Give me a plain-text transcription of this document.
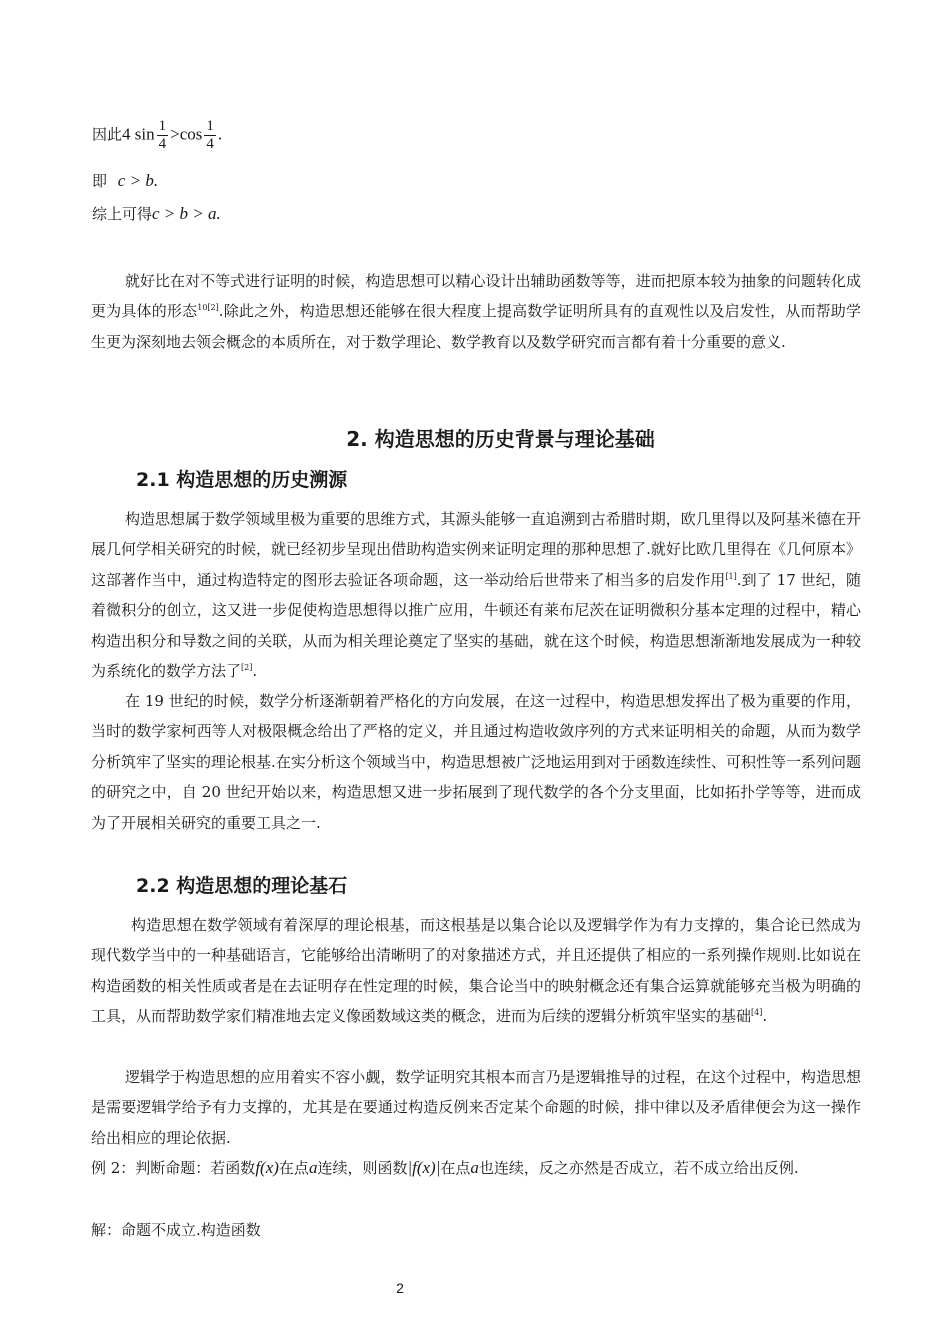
因此4 $\sin \frac{1}{4} >\cos \frac{1}{4}$ .
即 c > b.
综上可得c > b > a.

就好比在对不等式进行证明的时候，构造思想可以精心设计出辅助函数等等，进而把原本较为抽象的问题转化成更为具体的形态$^{10[2]}$.除此之外，构造思想还能够在很大程度上提高数学证明所具有的直观性以及启发性，从而帮助学生更为深刻地去领会概念的本质所在，对于数学理论、数学教育以及数学研究而言都有着十分重要的意义.

2. 构造思想的历史背景与理论基础
2.1 构造思想的历史溯源

构造思想属于数学领域里极为重要的思维方式，其源头能够一直追溯到古希腊时期，欧几里得以及阿基米德在开展几何学相关研究的时候，就已经初步呈现出借助构造实例来证明定理的那种思想了.就好比欧几里得在《几何原本》这部著作当中，通过构造特定的图形去验证各项命题，这一举动给后世带来了相当多的启发作用[1].到了 17 世纪，随着微积分的创立，这又进一步促使构造思想得以推广应用，牛顿还有莱布尼茨在证明微积分基本定理的过程中，精心构造出积分和导数之间的关联，从而为相关理论奠定了坚实的基础，就在这个时候，构造思想渐渐地发展成为一种较为系统化的数学方法了[2].

在 19 世纪的时候，数学分析逐渐朝着严格化的方向发展，在这一过程中，构造思想发挥出了极为重要的作用，当时的数学家柯西等人对极限概念给出了严格的定义，并且通过构造收敛序列的方式来证明相关的命题，从而为数学分析筑牢了坚实的理论根基.在实分析这个领域当中，构造思想被广泛地运用到对于函数连续性、可积性等一系列问题的研究之中，自 20 世纪开始以来，构造思想又进一步拓展到了现代数学的各个分支里面，比如拓扑学等等，进而成为了开展相关研究的重要工具之一.

2.2 构造思想的理论基石

构造思想在数学领域有着深厚的理论根基，而这根基是以集合论以及逻辑学作为有力支撑的，集合论已然成为现代数学当中的一种基础语言，它能够给出清晰明了的对象描述方式，并且还提供了相应的一系列操作规则.比如说在构造函数的相关性质或者是在去证明存在性定理的时候，集合论当中的映射概念还有集合运算就能够充当极为明确的工具，从而帮助数学家们精准地去定义像函数域这类的概念，进而为后续的逻辑分析筑牢坚实的基础[4].

逻辑学于构造思想的应用着实不容小觑，数学证明究其根本而言乃是逻辑推导的过程，在这个过程中，构造思想是需要逻辑学给予有力支撑的，尤其是在要通过构造反例来否定某个命题的时候，排中律以及矛盾律便会为这一操作给出相应的理论依据.

例 2：判断命题：若函数f(x)在点a连续，则函数|f(x)|在点a也连续，反之亦然是否成立，若不成立给出反例.

解：命题不成立.构造函数

2
